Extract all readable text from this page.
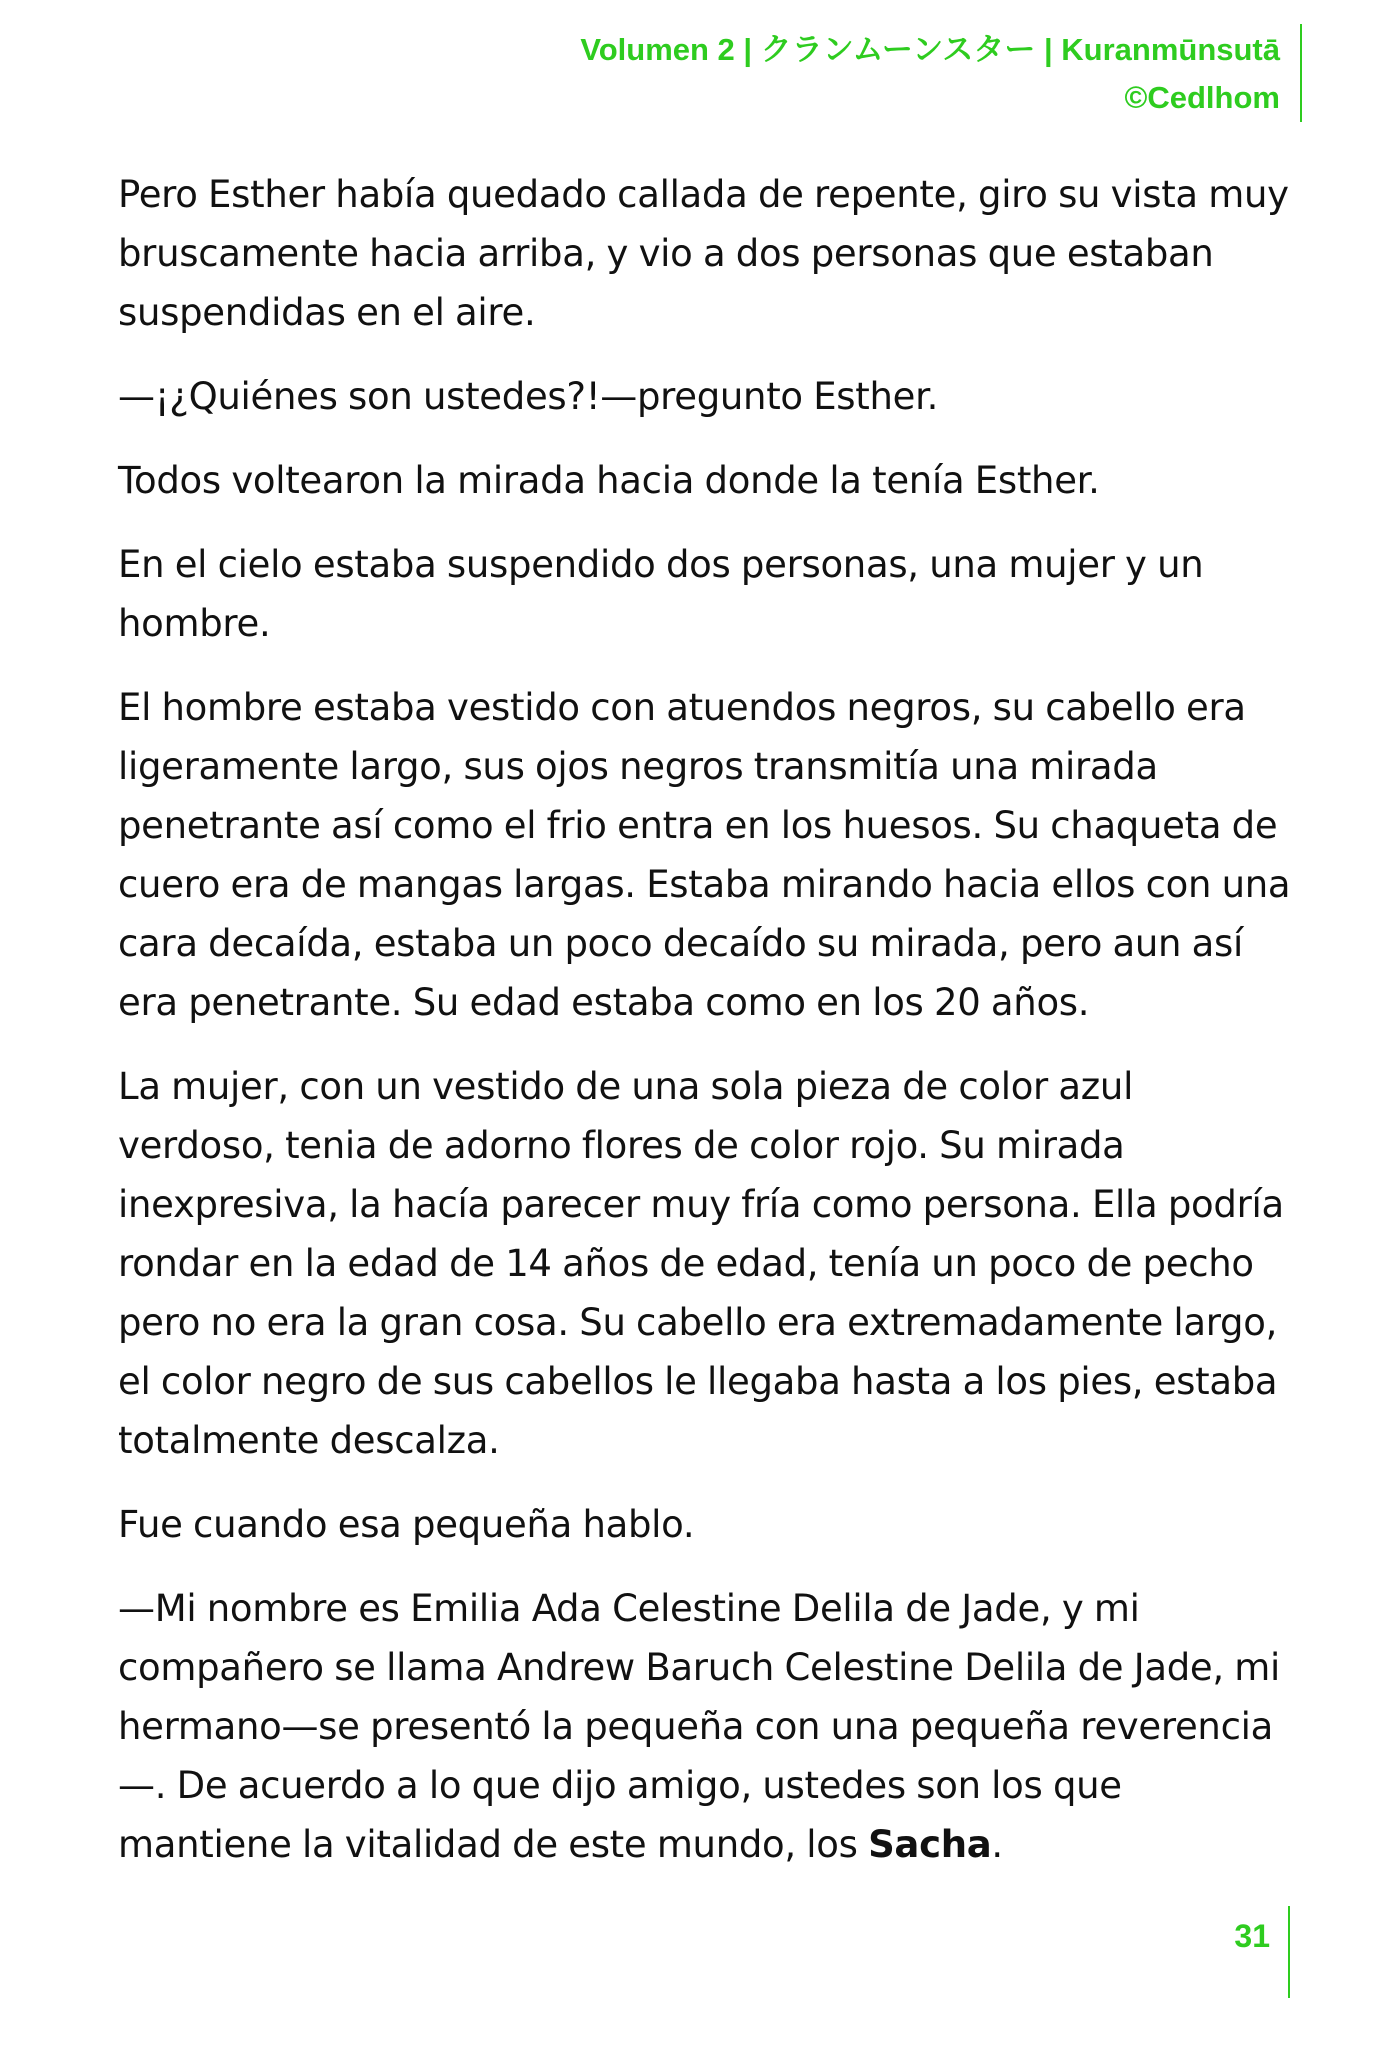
Volumen 2 | クランムーンスター | Kuranmūnsutā
©Cedlhom

Pero Esther había quedado callada de repente, giro su vista muy bruscamente hacia arriba, y vio a dos personas que estaban suspendidas en el aire.

—¡¿Quiénes son ustedes?!—pregunto Esther.

Todos voltearon la mirada hacia donde la tenía Esther.

En el cielo estaba suspendido dos personas, una mujer y un hombre.

El hombre estaba vestido con atuendos negros, su cabello era ligeramente largo, sus ojos negros transmitía una mirada penetrante así como el frio entra en los huesos. Su chaqueta de cuero era de mangas largas. Estaba mirando hacia ellos con una cara decaída, estaba un poco decaído su mirada, pero aun así era penetrante. Su edad estaba como en los 20 años.

La mujer, con un vestido de una sola pieza de color azul verdoso, tenia de adorno flores de color rojo. Su mirada inexpresiva, la hacía parecer muy fría como persona. Ella podría rondar en la edad de 14 años de edad, tenía un poco de pecho pero no era la gran cosa. Su cabello era extremadamente largo, el color negro de sus cabellos le llegaba hasta a los pies, estaba totalmente descalza.

Fue cuando esa pequeña hablo.

—Mi nombre es Emilia Ada Celestine Delila de Jade, y mi compañero se llama Andrew Baruch Celestine Delila de Jade, mi hermano—se presentó la pequeña con una pequeña reverencia—. De acuerdo a lo que dijo amigo, ustedes son los que mantiene la vitalidad de este mundo, los Sacha.

31
